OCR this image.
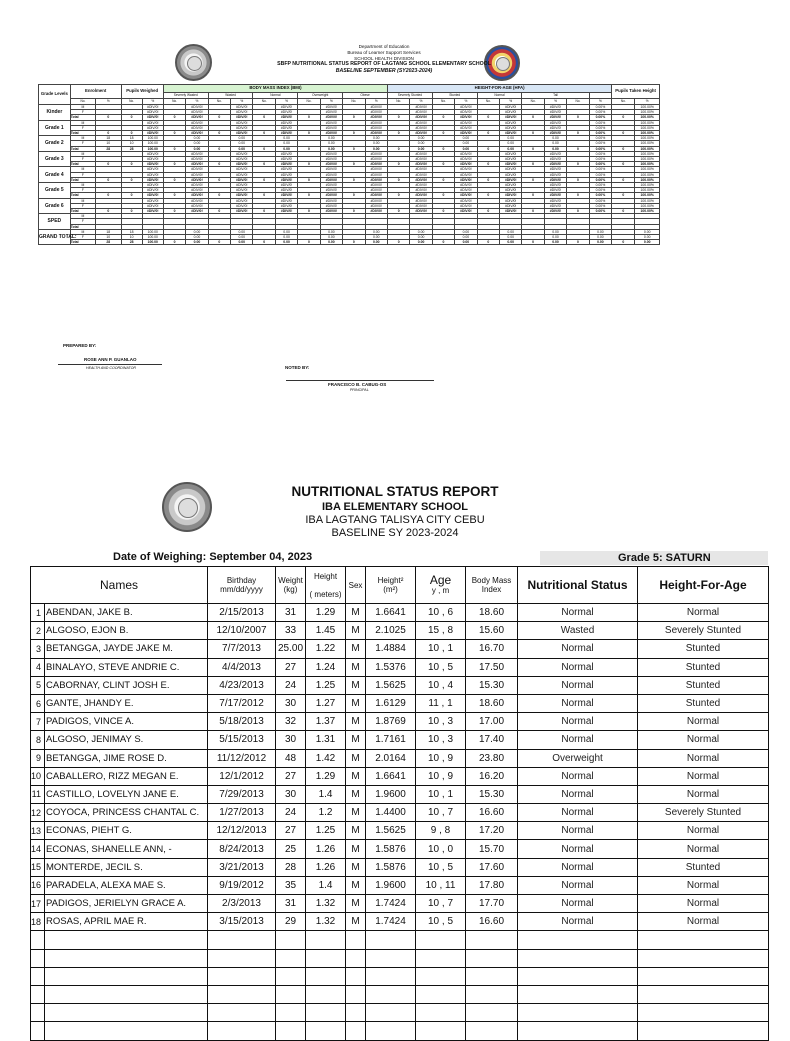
Department of Education
Bureau of Learner Support Services
SCHOOL HEALTH DIVISION
SBFP NUTRITIONAL STATUS REPORT OF LAGTANG SCHOOL ELEMENTARY SCHOOL
BASELINE SEPTEMBER (SY2023-2024)
Grade Levels	Enrolment		Pupils Weighed		BODY MASS INDEX (BMI)										HEIGHT-FOR-AGE (HFA)										Pupils Taken Height	
					Severely Wasted		Wasted		Normal		Overweight		Obese		Severely Stunted		Stunted		Normal		Tall					
	No.	%	No.	%	No.	%	No.	%	No.	%	No.	%	No.	%	No.	%	No.	%	No.	%	No.	%	No.	%	No.	%
Kinder	M			#DIV/0!		#DIV/0!		#DIV/0!		#DIV/0!		#DIV/0!		#DIV/0!		#DIV/0!		#DIV/0!		#DIV/0!		#DIV/0!		0.00%		100.00%
	F			#DIV/0!		#DIV/0!		#DIV/0!		#DIV/0!		#DIV/0!		#DIV/0!		#DIV/0!		#DIV/0!		#DIV/0!		#DIV/0!		0.00%		100.00%
	Total	0	0	#DIV/0!	0	#DIV/0!	0	#DIV/0!	0	#DIV/0!	0	#DIV/0!	0	#DIV/0!	0	#DIV/0!	0	#DIV/0!	0	#DIV/0!	0	#DIV/0!	0	0.00%	0	100.00%
Grade 1	M			#DIV/0!		#DIV/0!		#DIV/0!		#DIV/0!		#DIV/0!		#DIV/0!		#DIV/0!		#DIV/0!		#DIV/0!		#DIV/0!		0.00%		100.00%
	F			#DIV/0!		#DIV/0!		#DIV/0!		#DIV/0!		#DIV/0!		#DIV/0!		#DIV/0!		#DIV/0!		#DIV/0!		#DIV/0!		0.00%		100.00%
	Total	0	0	#DIV/0!	0	#DIV/0!	0	#DIV/0!	0	#DIV/0!	0	#DIV/0!	0	#DIV/0!	0	#DIV/0!	0	#DIV/0!	0	#DIV/0!	0	#DIV/0!	0	0.00%	0	100.00%
Grade 2	M	18	18	100.00		0.00		0.00		0.00		0.00		0.00		0.00		0.00		0.00		0.00		0.00%		100.00%
	F	10	10	100.00		0.00		0.00		0.00		0.00		0.00		0.00		0.00		0.00		0.00		0.00%		100.00%
	Total	28	28	100.00	0	0.00	0	0.00	0	0.00	0	0.00	0	0.00	0	0.00	0	0.00	0	0.00	0	0.00	0	0.00%	0	100.00%
Grade 3	M			#DIV/0!		#DIV/0!		#DIV/0!		#DIV/0!		#DIV/0!		#DIV/0!		#DIV/0!		#DIV/0!		#DIV/0!		#DIV/0!		0.00%		100.00%
	F			#DIV/0!		#DIV/0!		#DIV/0!		#DIV/0!		#DIV/0!		#DIV/0!		#DIV/0!		#DIV/0!		#DIV/0!		#DIV/0!		0.00%		100.00%
	Total	0	0	#DIV/0!	0	#DIV/0!	0	#DIV/0!	0	#DIV/0!	0	#DIV/0!	0	#DIV/0!	0	#DIV/0!	0	#DIV/0!	0	#DIV/0!	0	#DIV/0!	0	0.00%	0	100.00%
Grade 4	M			#DIV/0!		#DIV/0!		#DIV/0!		#DIV/0!		#DIV/0!		#DIV/0!		#DIV/0!		#DIV/0!		#DIV/0!		#DIV/0!		0.00%		100.00%
	F			#DIV/0!		#DIV/0!		#DIV/0!		#DIV/0!		#DIV/0!		#DIV/0!		#DIV/0!		#DIV/0!		#DIV/0!		#DIV/0!		0.00%		100.00%
	Total	0	0	#DIV/0!	0	#DIV/0!	0	#DIV/0!	0	#DIV/0!	0	#DIV/0!	0	#DIV/0!	0	#DIV/0!	0	#DIV/0!	0	#DIV/0!	0	#DIV/0!	0	0.00%	0	100.00%
Grade 5	M			#DIV/0!		#DIV/0!		#DIV/0!		#DIV/0!		#DIV/0!		#DIV/0!		#DIV/0!		#DIV/0!		#DIV/0!		#DIV/0!		0.00%		100.00%
	F			#DIV/0!		#DIV/0!		#DIV/0!		#DIV/0!		#DIV/0!		#DIV/0!		#DIV/0!		#DIV/0!		#DIV/0!		#DIV/0!		0.00%		100.00%
	Total	0	0	#DIV/0!	0	#DIV/0!	0	#DIV/0!	0	#DIV/0!	0	#DIV/0!	0	#DIV/0!	0	#DIV/0!	0	#DIV/0!	0	#DIV/0!	0	#DIV/0!	0	0.00%	0	100.00%
Grade 6	M			#DIV/0!		#DIV/0!		#DIV/0!		#DIV/0!		#DIV/0!		#DIV/0!		#DIV/0!		#DIV/0!		#DIV/0!		#DIV/0!		0.00%		100.00%
	F			#DIV/0!		#DIV/0!		#DIV/0!		#DIV/0!		#DIV/0!		#DIV/0!		#DIV/0!		#DIV/0!		#DIV/0!		#DIV/0!		0.00%		100.00%
	Total	0	0	#DIV/0!	0	#DIV/0!	0	#DIV/0!	0	#DIV/0!	0	#DIV/0!	0	#DIV/0!	0	#DIV/0!	0	#DIV/0!	0	#DIV/0!	0	#DIV/0!	0	0.00%	0	100.00%
SPED	M																									
	F																									
	Total																									
GRAND TOTAL:	M	18	18	100.00		0.00		0.00		0.00		0.00		0.00		0.00		0.00		0.00		0.00		0.00		0.00
	F	10	10	100.00		0.00		0.00		0.00		0.00		0.00		0.00		0.00		0.00		0.00		0.00		0.00
	Total	28	28	100.00	0	0.00	0	0.00	0	0.00	0	0.00	0	0.00	0	0.00	0	0.00	0	0.00	0	0.00	0	0.00	0	0.00
PREPARED BY:
ROSE ANN P. GUANLAO
HEALTH AND COORDINATOR	NOTED BY:
FRANCISCO B. CABUG-OS
PRINCIPAL
NUTRITIONAL STATUS REPORT
IBA ELEMENTARY SCHOOL
IBA LAGTANG TALISYA CITY CEBU
BASELINE SY 2023-2024
Date of Weighing: September 04, 2023	Grade 5: SATURN
Names		Birthday
mm/dd/yyyy	Weight
(kg)	Height

( meters)	Sex	Height²
(m²)	Age
y , m	Body Mass
Index	Nutritional Status	Height-For-Age
1	ABENDAN, JAKE B.	2/15/2013	31	1.29	M	1.6641	10 , 6	18.60	Normal	Normal
2	ALGOSO, EJON B.	12/10/2007	33	1.45	M	2.1025	15 , 8	15.60	Wasted	Severely Stunted
3	BETANGGA, JAYDE JAKE M.	7/7/2013	25.00	1.22	M	1.4884	10 , 1	16.70	Normal	Stunted
4	BINALAYO, STEVE ANDRIE C.	4/4/2013	27	1.24	M	1.5376	10 , 5	17.50	Normal	Stunted
5	CABORNAY, CLINT JOSH E.	4/23/2013	24	1.25	M	1.5625	10 , 4	15.30	Normal	Stunted
6	GANTE, JHANDY E.	7/17/2012	30	1.27	M	1.6129	11 , 1	18.60	Normal	Stunted
7	PADIGOS, VINCE A.	5/18/2013	32	1.37	M	1.8769	10 , 3	17.00	Normal	Normal
8	ALGOSO, JENIMAY S.	5/15/2013	30	1.31	M	1.7161	10 , 3	17.40	Normal	Normal
9	BETANGGA, JIME ROSE D.	11/12/2012	48	1.42	M	2.0164	10 , 9	23.80	Overweight	Normal
10	CABALLERO, RIZZ MEGAN E.	12/1/2012	27	1.29	M	1.6641	10 , 9	16.20	Normal	Normal
11	CASTILLO, LOVELYN JANE E.	7/29/2013	30	1.4	M	1.9600	10 , 1	15.30	Normal	Normal
12	COYOCA, PRINCESS CHANTAL C.	1/27/2013	24	1.2	M	1.4400	10 , 7	16.60	Normal	Severely Stunted
13	ECONAS, PIEHT G.	12/12/2013	27	1.25	M	1.5625	9 , 8	17.20	Normal	Normal
14	ECONAS, SHANELLE ANN, -	8/24/2013	25	1.26	M	1.5876	10 , 0	15.70	Normal	Normal
15	MONTERDE, JECIL S.	3/21/2013	28	1.26	M	1.5876	10 , 5	17.60	Normal	Stunted
16	PARADELA, ALEXA MAE S.	9/19/2012	35	1.4	M	1.9600	10 , 11	17.80	Normal	Normal
17	PADIGOS, JERIELYN GRACE A.	2/3/2013	31	1.32	M	1.7424	10 , 7	17.70	Normal	Normal
18	ROSAS, APRIL MAE R.	3/15/2013	29	1.32	M	1.7424	10 , 5	16.60	Normal	Normal
